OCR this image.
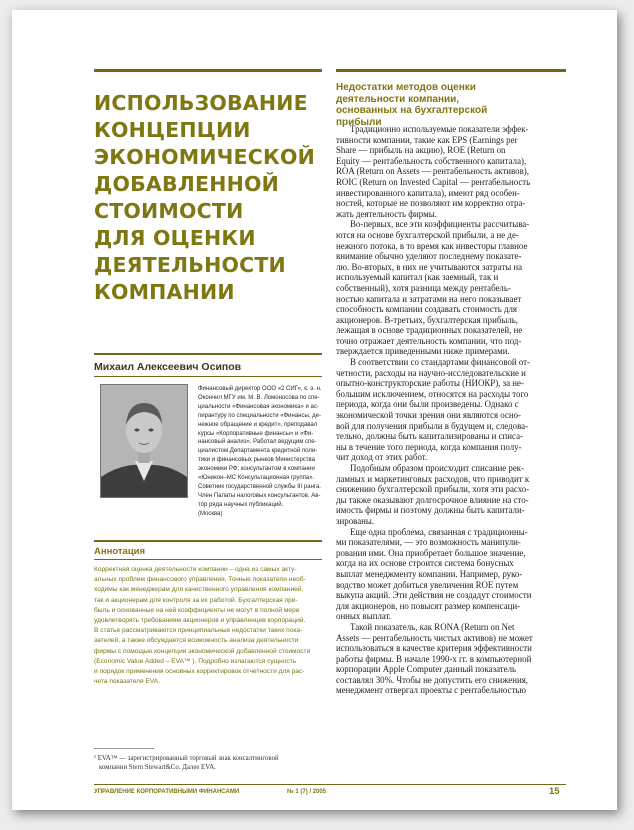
ИСПОЛЬЗОВАНИЕ
КОНЦЕПЦИИ
ЭКОНОМИЧЕСКОЙ
ДОБАВЛЕННОЙ
СТОИМОСТИ
ДЛЯ ОЦЕНКИ
ДЕЯТЕЛЬНОСТИ
КОМПАНИИ
Михаил Алексеевич Осипов
Финансовый директор ООО «2 СИГ», к. э. н.
Окончил МГУ им. М. В. Ломоносова по спе-
циальности «Финансовая экономика» и ас-
пирантуру по специальности «Финансы, де-
нежное обращение и кредит», преподавал
курсы «Корпоративные финансы» и «Фи-
нансовый анализ». Работал ведущим спе-
циалистом Департамента кредитной поли-
тики и финансовых рынков Министерства
экономики РФ; консультантом в компании
«Юникон–МС Консультационная группа».
Советник государственной службы III ранга.
Член Палаты налоговых консультантов. Ав-
тор ряда научных публикаций.
(Москва)
Аннотация
Корректная оценка деятельности компании – одна из самых акту-
альных проблем финансового управления. Точные показатели необ-
ходимы как менеджерам для качественного управления компанией,
так и акционерам для контроля за их работой. Бухгалтерская при-
быль и основанные на ней коэффициенты не могут в полной мере
удовлетворять требованиям акционеров и управленцев корпораций.
В статье рассматриваются принципиальные недостатки таких пока-
зателей, а также обсуждается возможность анализа деятельности
фирмы с помощью концепции экономической добавленной стоимости
(Economic Value Added – EVA™ ). Подробно излагаются сущность
и порядок применения основных корректировок отчетности для рас-
чета показателя EVA.
¹ EVA™ — зарегистрированный торговый знак консалтинговой
компании Stern Stewart&Co. Далее EVA.
Недостатки методов оценки
деятельности компании,
основанных на бухгалтерской
прибыли
Традиционно используемые показатели эффек-
тивности компании, такие как EPS (Earnings per
Share — прибыль на акцию), ROE (Return on
Equity — рентабельность собственного капитала),
ROA (Return on Assets — рентабельность активов),
ROIC (Return on Invested Capital — рентабельность
инвестированного капитала), имеют ряд особен-
ностей, которые не позволяют им корректно отра-
жать деятельность фирмы.
Во-первых, все эти коэффициенты рассчитыва-
ются на основе бухгалтерской прибыли, а не де-
нежного потока, в то время как инвесторы главное
внимание обычно уделяют последнему показате-
лю. Во-вторых, в них не учитываются затраты на
используемый капитал (как заемный, так и
собственный), хотя разница между рентабель-
ностью капитала и затратами на него показывает
способность компании создавать стоимость для
акционеров. В-третьих, бухгалтерская прибыль,
лежащая в основе традиционных показателей, не
точно отражает деятельность компании, что под-
тверждается приведенными ниже примерами.
В соответствии со стандартами финансовой от-
четности, расходы на научно-исследовательские и
опытно-конструкторские работы (НИОКР), за не-
большим исключением, относятся на расходы того
периода, когда они были произведены. Однако с
экономической точки зрения они являются осно-
вой для получения прибыли в будущем и, следова-
тельно, должны быть капитализированы и списа-
ны в течение того периода, когда компания полу-
чит доход от этих работ.
Подобным образом происходит списание рек-
ламных и маркетинговых расходов, что приводит к
снижению бухгалтерской прибыли, хотя эти расхо-
ды также оказывают долгосрочное влияние на сто-
имость фирмы и поэтому должны быть капитали-
зированы.
Еще одна проблема, связанная с традиционны-
ми показателями, — это возможность манипули-
рования ими. Она приобретает большое значение,
когда на их основе строится система бонусных
выплат менеджменту компании. Например, руко-
водство может добиться увеличения ROE путем
выкупа акций. Эти действия не создадут стоимости
для акционеров, но повысят размер компенсаци-
онных выплат.
Такой показатель, как RONA (Return on Net
Assets — рентабельность чистых активов) не может
использоваться в качестве критерия эффективности
работы фирмы. В начале 1990-х гг. в компьютерной
корпорации Apple Computer данный показатель
составлял 30%. Чтобы не допустить его снижения,
менеджмент отвергал проекты с рентабельностью
УПРАВЛЕНИЕ КОРПОРАТИВНЫМИ ФИНАНСАМИ	№ 1 (7) / 2005	15
